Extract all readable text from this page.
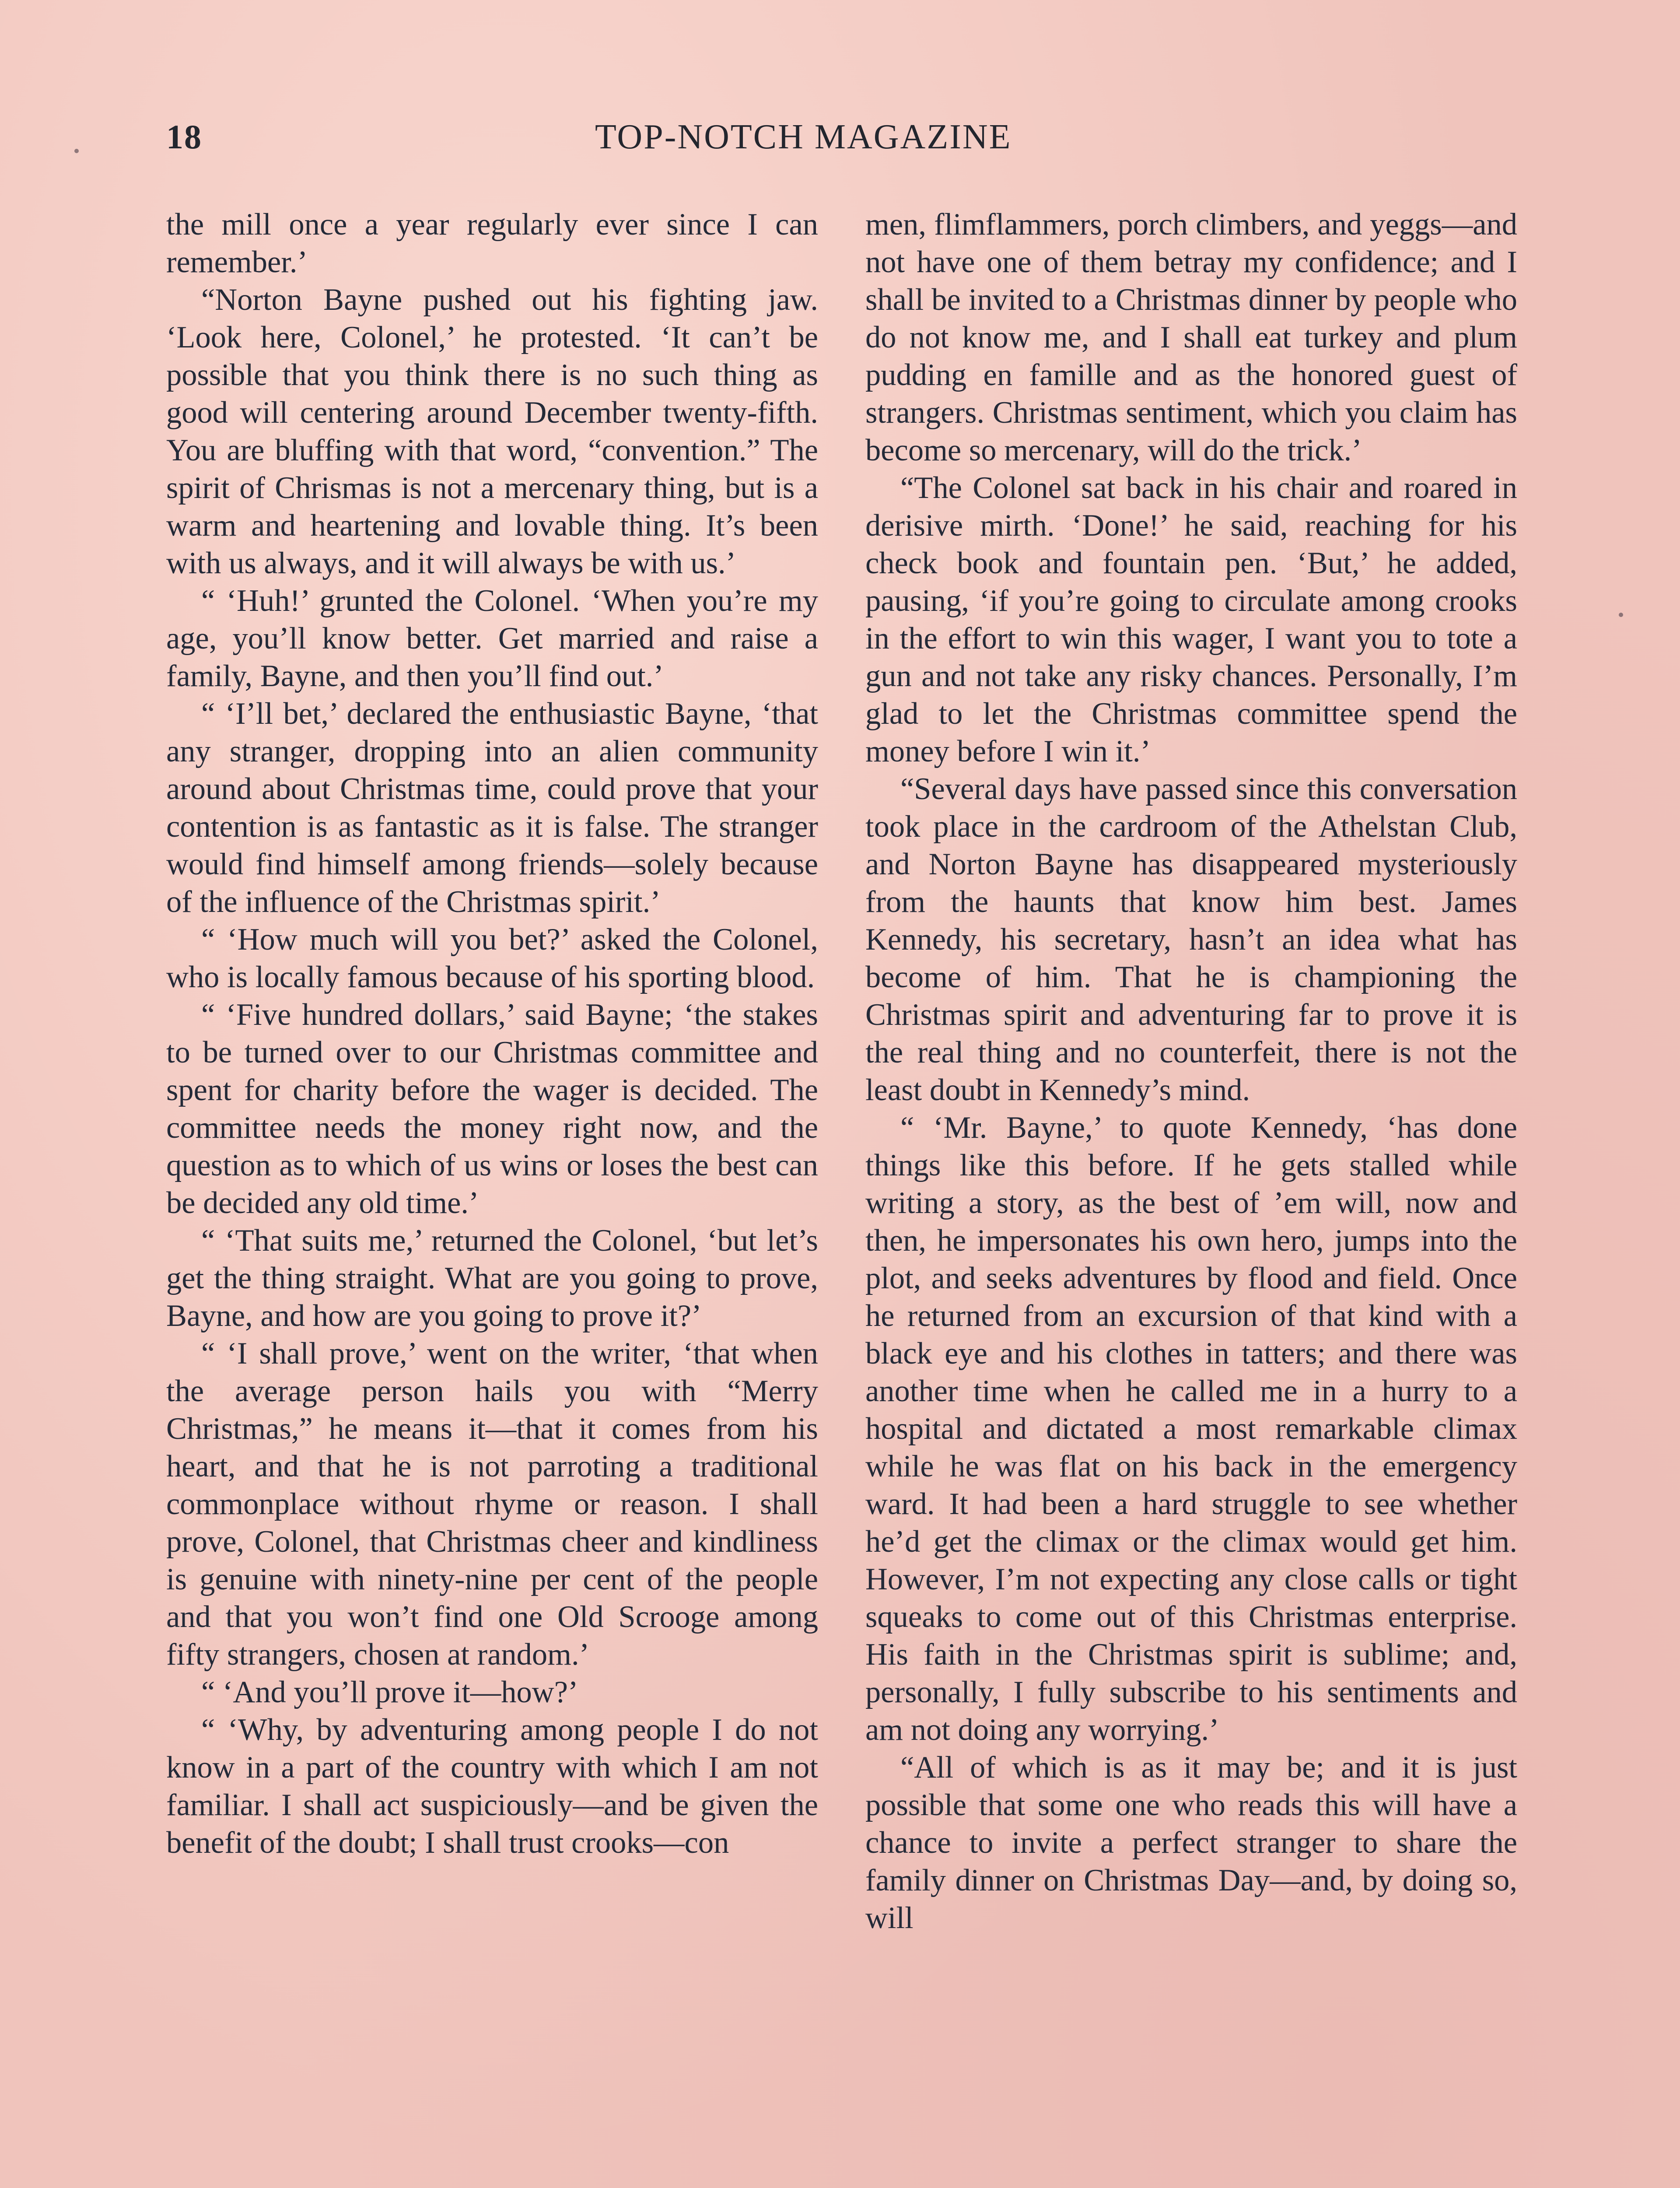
18	TOP-NOTCH MAGAZINE

the mill once a year regularly ever since I can remember.’

“Norton Bayne pushed out his fighting jaw. ‘Look here, Colonel,’ he protested. ‘It can’t be possible that you think there is no such thing as good will centering around December twenty-fifth. You are bluffing with that word, “convention.” The spirit of Chrismas is not a mercenary thing, but is a warm and heartening and lovable thing. It’s been with us always, and it will always be with us.’

“ ‘Huh!’ grunted the Colonel. ‘When you’re my age, you’ll know better. Get married and raise a family, Bayne, and then you’ll find out.’

“ ‘I’ll bet,’ declared the enthusiastic Bayne, ‘that any stranger, dropping into an alien community around about Christmas time, could prove that your contention is as fantastic as it is false. The stranger would find himself among friends—solely because of the influence of the Christmas spirit.’

“ ‘How much will you bet?’ asked the Colonel, who is locally famous because of his sporting blood.

“ ‘Five hundred dollars,’ said Bayne; ‘the stakes to be turned over to our Christmas committee and spent for charity before the wager is decided. The committee needs the money right now, and the question as to which of us wins or loses the best can be decided any old time.’

“ ‘That suits me,’ returned the Colonel, ‘but let’s get the thing straight. What are you going to prove, Bayne, and how are you going to prove it?’

“ ‘I shall prove,’ went on the writer, ‘that when the average person hails you with “Merry Christmas,” he means it—that it comes from his heart, and that he is not parroting a traditional commonplace without rhyme or reason. I shall prove, Colonel, that Christmas cheer and kindliness is genuine with ninety-nine per cent of the people and that you won’t find one Old Scrooge among fifty strangers, chosen at random.’

“ ‘And you’ll prove it—how?’

“ ‘Why, by adventuring among people I do not know in a part of the country with which I am not familiar. I shall act suspiciously—and be given the benefit of the doubt; I shall trust crooks—con

men, flimflammers, porch climbers, and yeggs—and not have one of them betray my confidence; and I shall be invited to a Christmas dinner by people who do not know me, and I shall eat turkey and plum pudding en famille and as the honored guest of strangers. Christmas sentiment, which you claim has become so mercenary, will do the trick.’

“The Colonel sat back in his chair and roared in derisive mirth. ‘Done!’ he said, reaching for his check book and fountain pen. ‘But,’ he added, pausing, ‘if you’re going to circulate among crooks in the effort to win this wager, I want you to tote a gun and not take any risky chances. Personally, I’m glad to let the Christmas committee spend the money before I win it.’

“Several days have passed since this conversation took place in the cardroom of the Athelstan Club, and Norton Bayne has disappeared mysteriously from the haunts that know him best. James Kennedy, his secretary, hasn’t an idea what has become of him. That he is championing the Christmas spirit and adventuring far to prove it is the real thing and no counterfeit, there is not the least doubt in Kennedy’s mind.

“ ‘Mr. Bayne,’ to quote Kennedy, ‘has done things like this before. If he gets stalled while writing a story, as the best of ’em will, now and then, he impersonates his own hero, jumps into the plot, and seeks adventures by flood and field. Once he returned from an excursion of that kind with a black eye and his clothes in tatters; and there was another time when he called me in a hurry to a hospital and dictated a most remarkable climax while he was flat on his back in the emergency ward. It had been a hard struggle to see whether he’d get the climax or the climax would get him. However, I’m not expecting any close calls or tight squeaks to come out of this Christmas enterprise. His faith in the Christmas spirit is sublime; and, personally, I fully subscribe to his sentiments and am not doing any worrying.’

“All of which is as it may be; and it is just possible that some one who reads this will have a chance to invite a perfect stranger to share the family dinner on Christmas Day—and, by doing so, will
